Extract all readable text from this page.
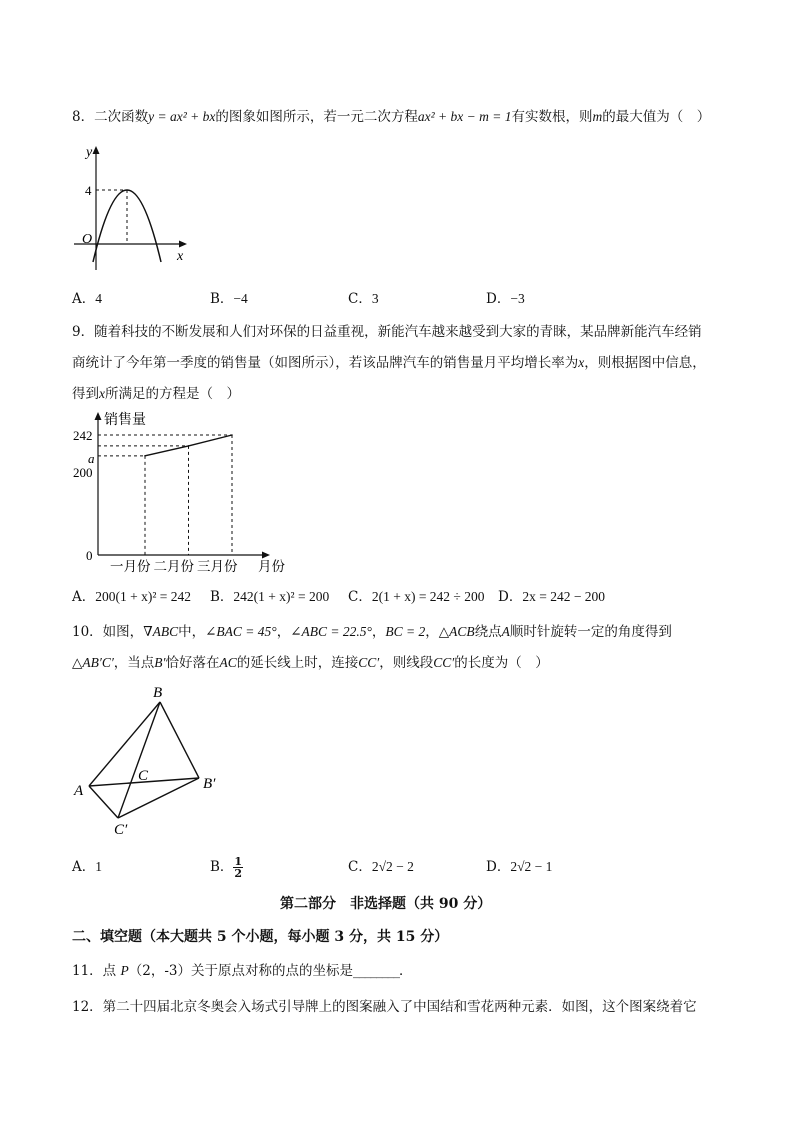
8．二次函数y = ax² + bx的图象如图所示，若一元二次方程ax² + bx − m = 1有实数根，则m的最大值为（　）
y
x
O
4
A．4	B．−4	C．3	D．−3
9．随着科技的不断发展和人们对环保的日益重视，新能汽车越来越受到大家的青睐，某品牌新能汽车经销
商统计了今年第一季度的销售量（如图所示），若该品牌汽车的销售量月平均增长率为x，则根据图中信息，
得到x所满足的方程是（　）
销售量
月份
0
200
a
242
一月份 二月份 三月份
A．200(1 + x)² = 242 B．242(1 + x)² = 200 C．2(1 + x) = 242 ÷ 200 D．2x = 242 − 200
10．如图，∇ABC中，∠BAC = 45°，∠ABC = 22.5°，BC = 2，△ACB绕点A顺时针旋转一定的角度得到
△AB′C′，当点B′恰好落在AC的延长线上时，连接CC′，则线段CC′的长度为（　）
A
B
C	B′
C′
A．1	B． $\frac{1}{2}$	C．2√2 − 2	D．2√2 − 1
第二部分　非选择题（共 90 分）
二、填空题（本大题共 5 个小题，每小题 3 分，共 15 分）
11．点 P（2，-3）关于原点对称的点的坐标是________．
12．第二十四届北京冬奥会入场式引导牌上的图案融入了中国结和雪花两种元素．如图，这个图案绕着它
